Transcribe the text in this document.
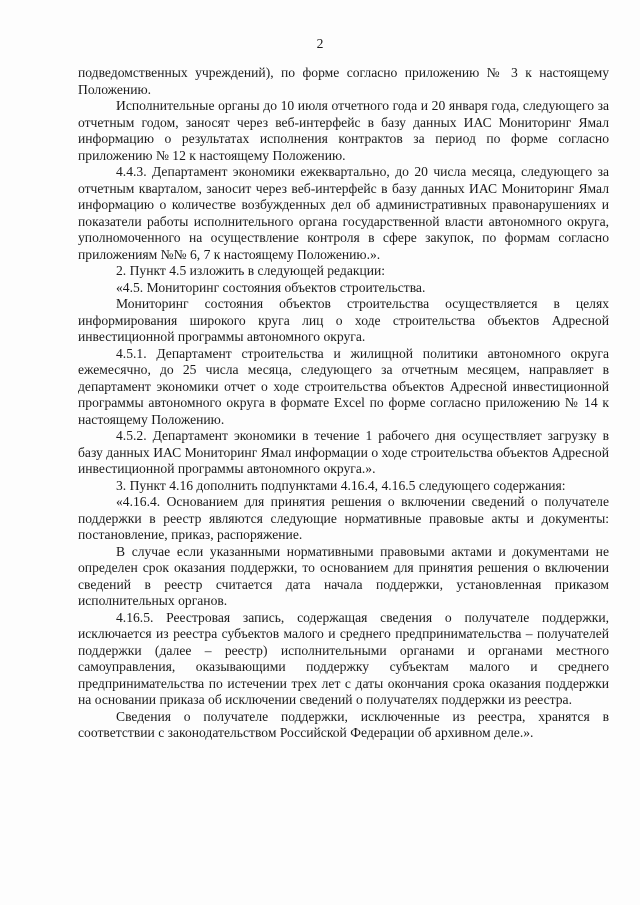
2

подведомственных учреждений), по форме согласно приложению № 3 к настоящему Положению.

Исполнительные органы до 10 июля отчетного года и 20 января года, следующего за отчетным годом, заносят через веб-интерфейс в базу данных ИАС Мониторинг Ямал информацию о результатах исполнения контрактов за период по форме согласно приложению № 12 к настоящему Положению.

4.4.3. Департамент экономики ежеквартально, до 20 числа месяца, следующего за отчетным кварталом, заносит через веб-интерфейс в базу данных ИАС Мониторинг Ямал информацию о количестве возбужденных дел об административных правонарушениях и показатели работы исполнительного органа государственной власти автономного округа, уполномоченного на осуществление контроля в сфере закупок, по формам согласно приложениям №№ 6, 7 к настоящему Положению.».

2. Пункт 4.5 изложить в следующей редакции:

«4.5. Мониторинг состояния объектов строительства.

Мониторинг состояния объектов строительства осуществляется в целях информирования широкого круга лиц о ходе строительства объектов Адресной инвестиционной программы автономного округа.

4.5.1. Департамент строительства и жилищной политики автономного округа ежемесячно, до 25 числа месяца, следующего за отчетным месяцем, направляет в департамент экономики отчет о ходе строительства объектов Адресной инвестиционной программы автономного округа в формате Excel по форме согласно приложению № 14 к настоящему Положению.

4.5.2. Департамент экономики в течение 1 рабочего дня осуществляет загрузку в базу данных ИАС Мониторинг Ямал информации о ходе строительства объектов Адресной инвестиционной программы автономного округа.».

3. Пункт 4.16 дополнить подпунктами 4.16.4, 4.16.5 следующего содержания:

«4.16.4. Основанием для принятия решения о включении сведений о получателе поддержки в реестр являются следующие нормативные правовые акты и документы: постановление, приказ, распоряжение.

В случае если указанными нормативными правовыми актами и документами не определен срок оказания поддержки, то основанием для принятия решения о включении сведений в реестр считается дата начала поддержки, установленная приказом исполнительных органов.

4.16.5. Реестровая запись, содержащая сведения о получателе поддержки, исключается из реестра субъектов малого и среднего предпринимательства – получателей поддержки (далее – реестр) исполнительными органами и органами местного самоуправления, оказывающими поддержку субъектам малого и среднего предпринимательства по истечении трех лет с даты окончания срока оказания поддержки на основании приказа об исключении сведений о получателях поддержки из реестра.

Сведения о получателе поддержки, исключенные из реестра, хранятся в соответствии с законодательством Российской Федерации об архивном деле.».
